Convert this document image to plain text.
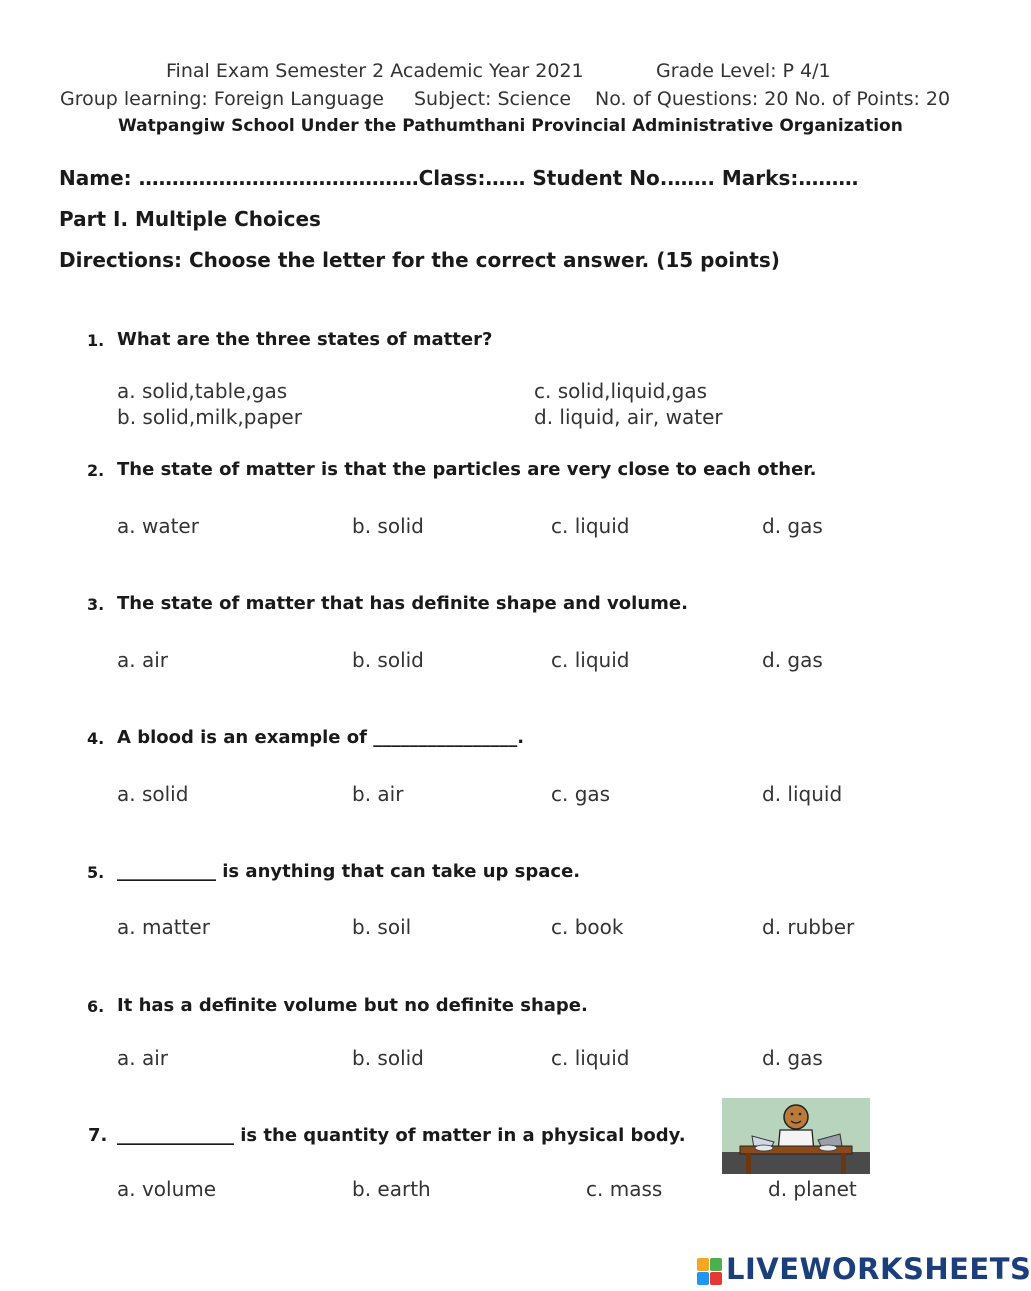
Final Exam Semester 2 Academic Year 2021	Grade Level: P 4/1
Group learning: Foreign Language Subject: Science No. of Questions: 20 No. of Points: 20
Watpangiw School Under the Pathumthani Provincial Administrative Organization
Name: ……………………………………Class:…… Student No.……. Marks:………
Part I. Multiple Choices
Directions: Choose the letter for the correct answer. (15 points)
1. What are the three states of matter?
a. solid,table,gas
b. solid,milk,paper
c. solid,liquid,gas
d. liquid, air, water
2. The state of matter is that the particles are very close to each other.
a. water	b. solid	c. liquid	d. gas
3. The state of matter that has definite shape and volume.
a. air	b. solid	c. liquid	d. gas
4. A blood is an example of ________________.
a. solid	b. air	c. gas	d. liquid
5. ___________ is anything that can take up space.
a. matter	b. soil	c. book	d. rubber
6. It has a definite volume but no definite shape.
a. air	b. solid	c. liquid	d. gas
7. _____________ is the quantity of matter in a physical body.
a. volume	b. earth	c. mass	d. planet
LIVEWORKSHEETS
